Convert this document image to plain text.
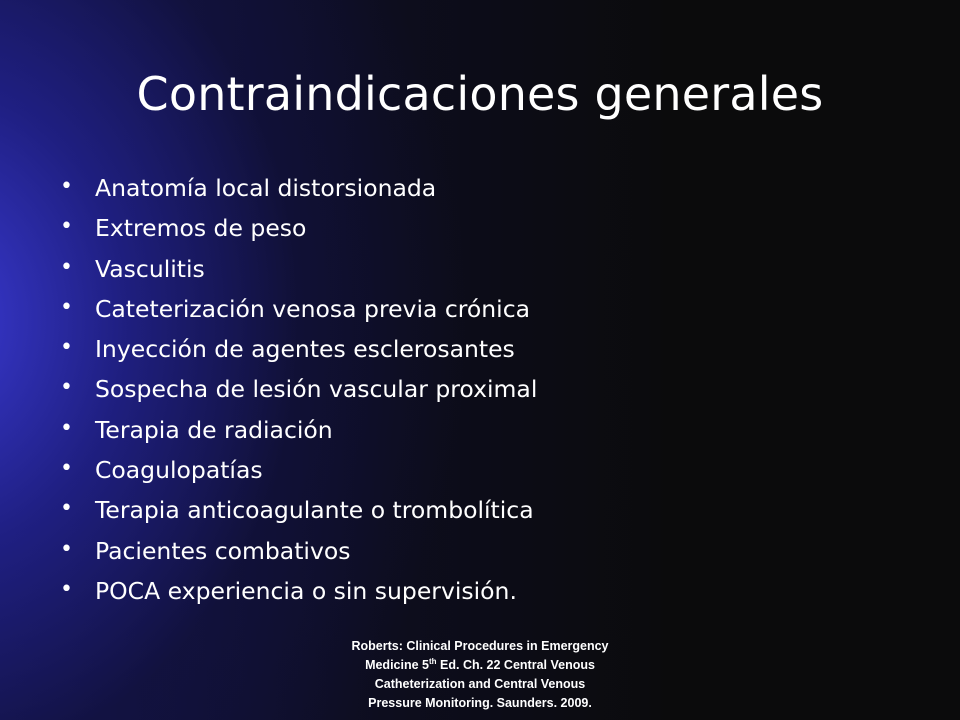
Contraindicaciones generales
• Anatomía local distorsionada
• Extremos de peso
• Vasculitis
• Cateterización venosa previa crónica
• Inyección de agentes esclerosantes
• Sospecha de lesión vascular proximal
• Terapia de radiación
• Coagulopatías
• Terapia anticoagulante o trombolítica
• Pacientes combativos
• POCA experiencia o sin supervisión.
Roberts: Clinical Procedures in Emergency
Medicine 5th Ed. Ch. 22 Central Venous
Catheterization and Central Venous
Pressure Monitoring. Saunders. 2009.
